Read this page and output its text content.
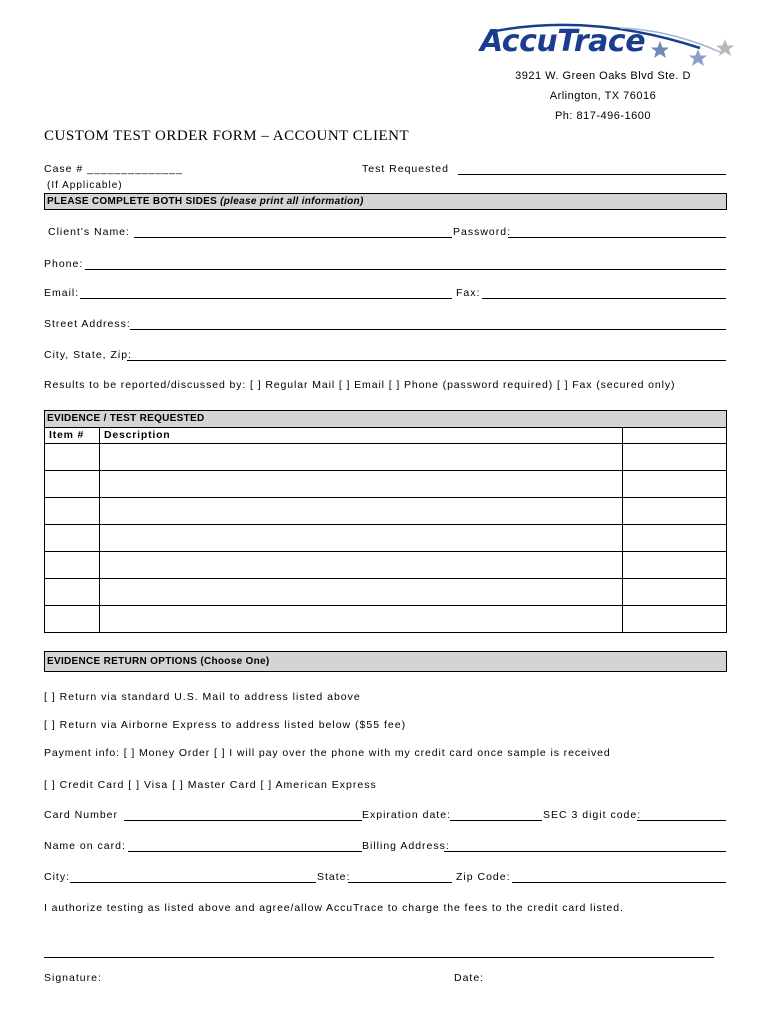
AccuTrace
3921 W. Green Oaks Blvd Ste. D
Arlington, TX 76016
Ph: 817-496-1600
CUSTOM TEST ORDER FORM – ACCOUNT CLIENT
Case # ______________
(If Applicable)
Test Requested
PLEASE COMPLETE BOTH SIDES (please print all information)
Client's Name:	Password:
Phone:
Email:	Fax:
Street Address:
City, State, Zip:
Results to be reported/discussed by: [ ] Regular Mail [ ] Email [ ] Phone (password required) [ ] Fax (secured only)
EVIDENCE / TEST REQUESTED
Item #	Description	

EVIDENCE RETURN OPTIONS (Choose One)
[ ] Return via standard U.S. Mail to address listed above
[ ] Return via Airborne Express to address listed below ($55 fee)
Payment info: [ ] Money Order [ ] I will pay over the phone with my credit card once sample is received
[ ] Credit Card [ ] Visa [ ] Master Card [ ] American Express
Card Number	Expiration date:	SEC 3 digit code:
Name on card:	Billing Address:
City:	State:	Zip Code:
I authorize testing as listed above and agree/allow AccuTrace to charge the fees to the credit card listed.
Signature:	Date:
